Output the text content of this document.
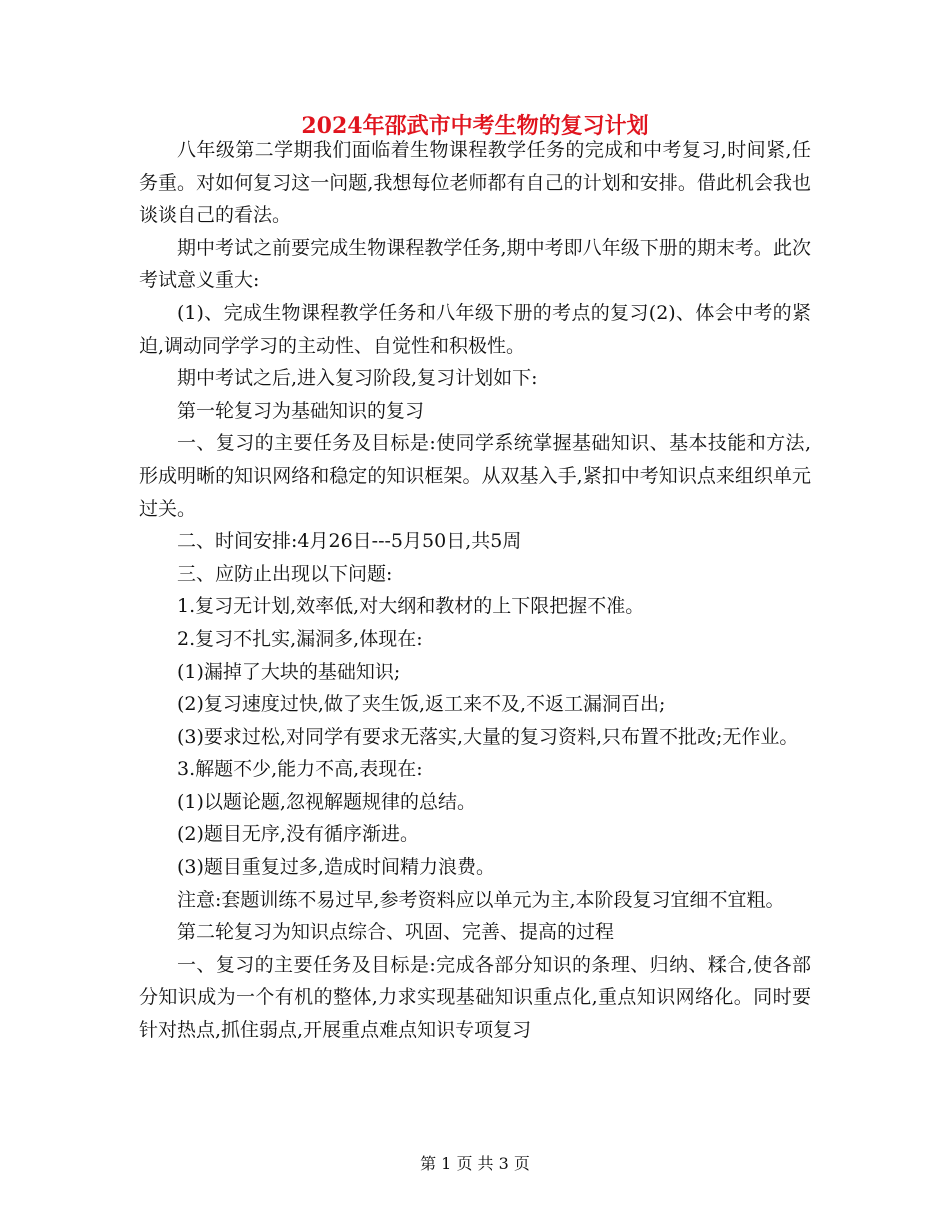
2024年邵武市中考生物的复习计划

八年级第二学期我们面临着生物课程教学任务的完成和中考复习,时间紧,任务重。对如何复习这一问题,我想每位老师都有自己的计划和安排。借此机会我也谈谈自己的看法。

期中考试之前要完成生物课程教学任务,期中考即八年级下册的期末考。此次考试意义重大:

(1)、完成生物课程教学任务和八年级下册的考点的复习(2)、体会中考的紧迫,调动同学学习的主动性、自觉性和积极性。

期中考试之后,进入复习阶段,复习计划如下:

第一轮复习为基础知识的复习

一、复习的主要任务及目标是:使同学系统掌握基础知识、基本技能和方法,形成明晰的知识网络和稳定的知识框架。从双基入手,紧扣中考知识点来组织单元过关。

二、时间安排:4月26日---5月50日,共5周

三、应防止出现以下问题:

1.复习无计划,效率低,对大纲和教材的上下限把握不准。

2.复习不扎实,漏洞多,体现在:

(1)漏掉了大块的基础知识;

(2)复习速度过快,做了夹生饭,返工来不及,不返工漏洞百出;

(3)要求过松,对同学有要求无落实,大量的复习资料,只布置不批改;无作业。

3.解题不少,能力不高,表现在:

(1)以题论题,忽视解题规律的总结。

(2)题目无序,没有循序渐进。

(3)题目重复过多,造成时间精力浪费。

注意:套题训练不易过早,参考资料应以单元为主,本阶段复习宜细不宜粗。

第二轮复习为知识点综合、巩固、完善、提高的过程

一、复习的主要任务及目标是:完成各部分知识的条理、归纳、糅合,使各部分知识成为一个有机的整体,力求实现基础知识重点化,重点知识网络化。同时要针对热点,抓住弱点,开展重点难点知识专项复习

第 1 页 共 3 页
